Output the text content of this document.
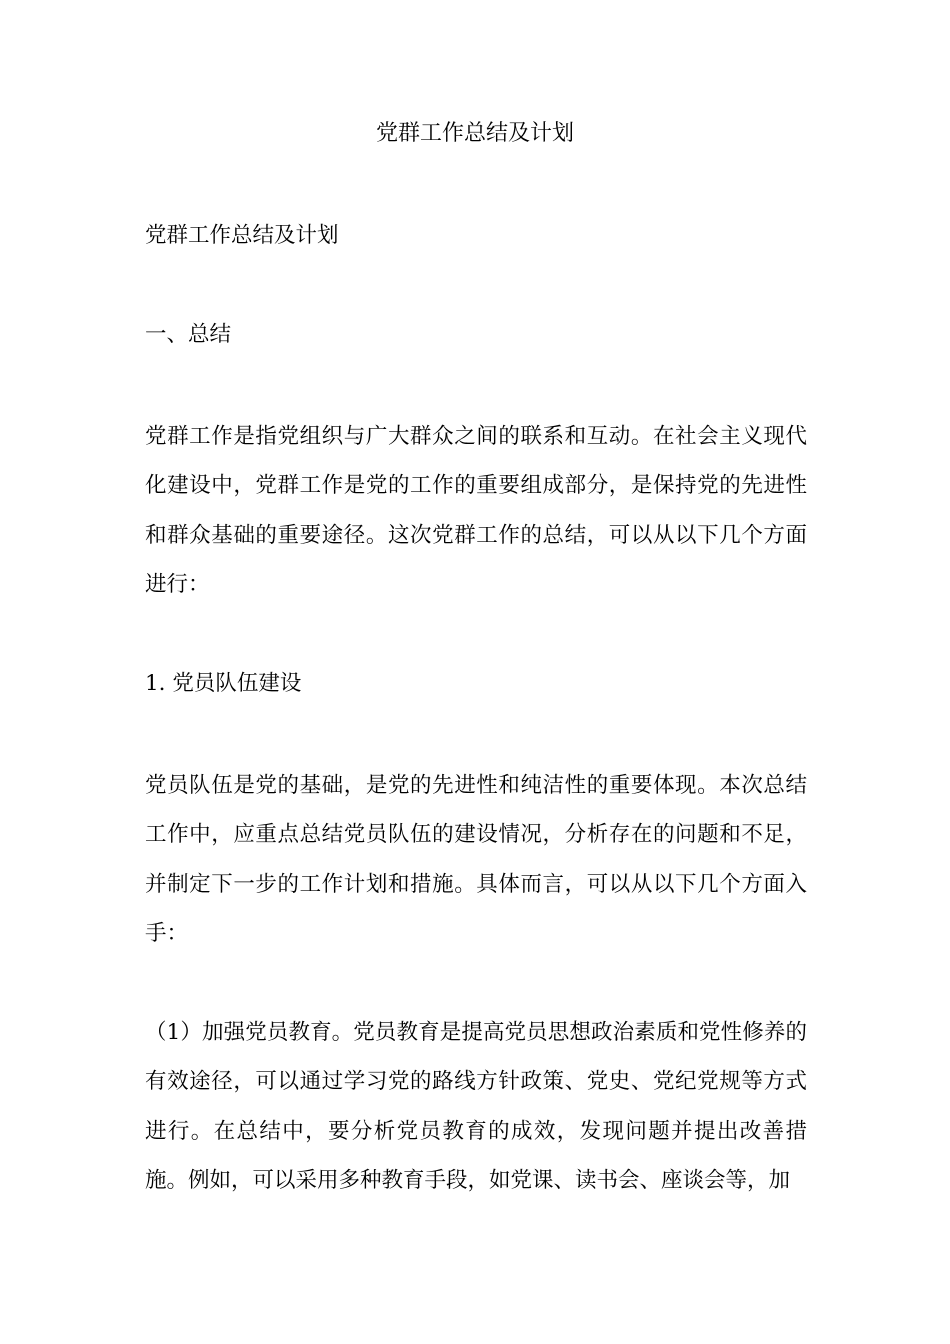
党群工作总结及计划

党群工作总结及计划

一、总结

党群工作是指党组织与广大群众之间的联系和互动。在社会主义现代化建设中，党群工作是党的工作的重要组成部分，是保持党的先进性和群众基础的重要途径。这次党群工作的总结，可以从以下几个方面进行：

1. 党员队伍建设

党员队伍是党的基础，是党的先进性和纯洁性的重要体现。本次总结工作中，应重点总结党员队伍的建设情况，分析存在的问题和不足，并制定下一步的工作计划和措施。具体而言，可以从以下几个方面入手：

（1）加强党员教育。党员教育是提高党员思想政治素质和党性修养的有效途径，可以通过学习党的路线方针政策、党史、党纪党规等方式进行。在总结中，要分析党员教育的成效，发现问题并提出改善措施。例如，可以采用多种教育手段，如党课、读书会、座谈会等，加
